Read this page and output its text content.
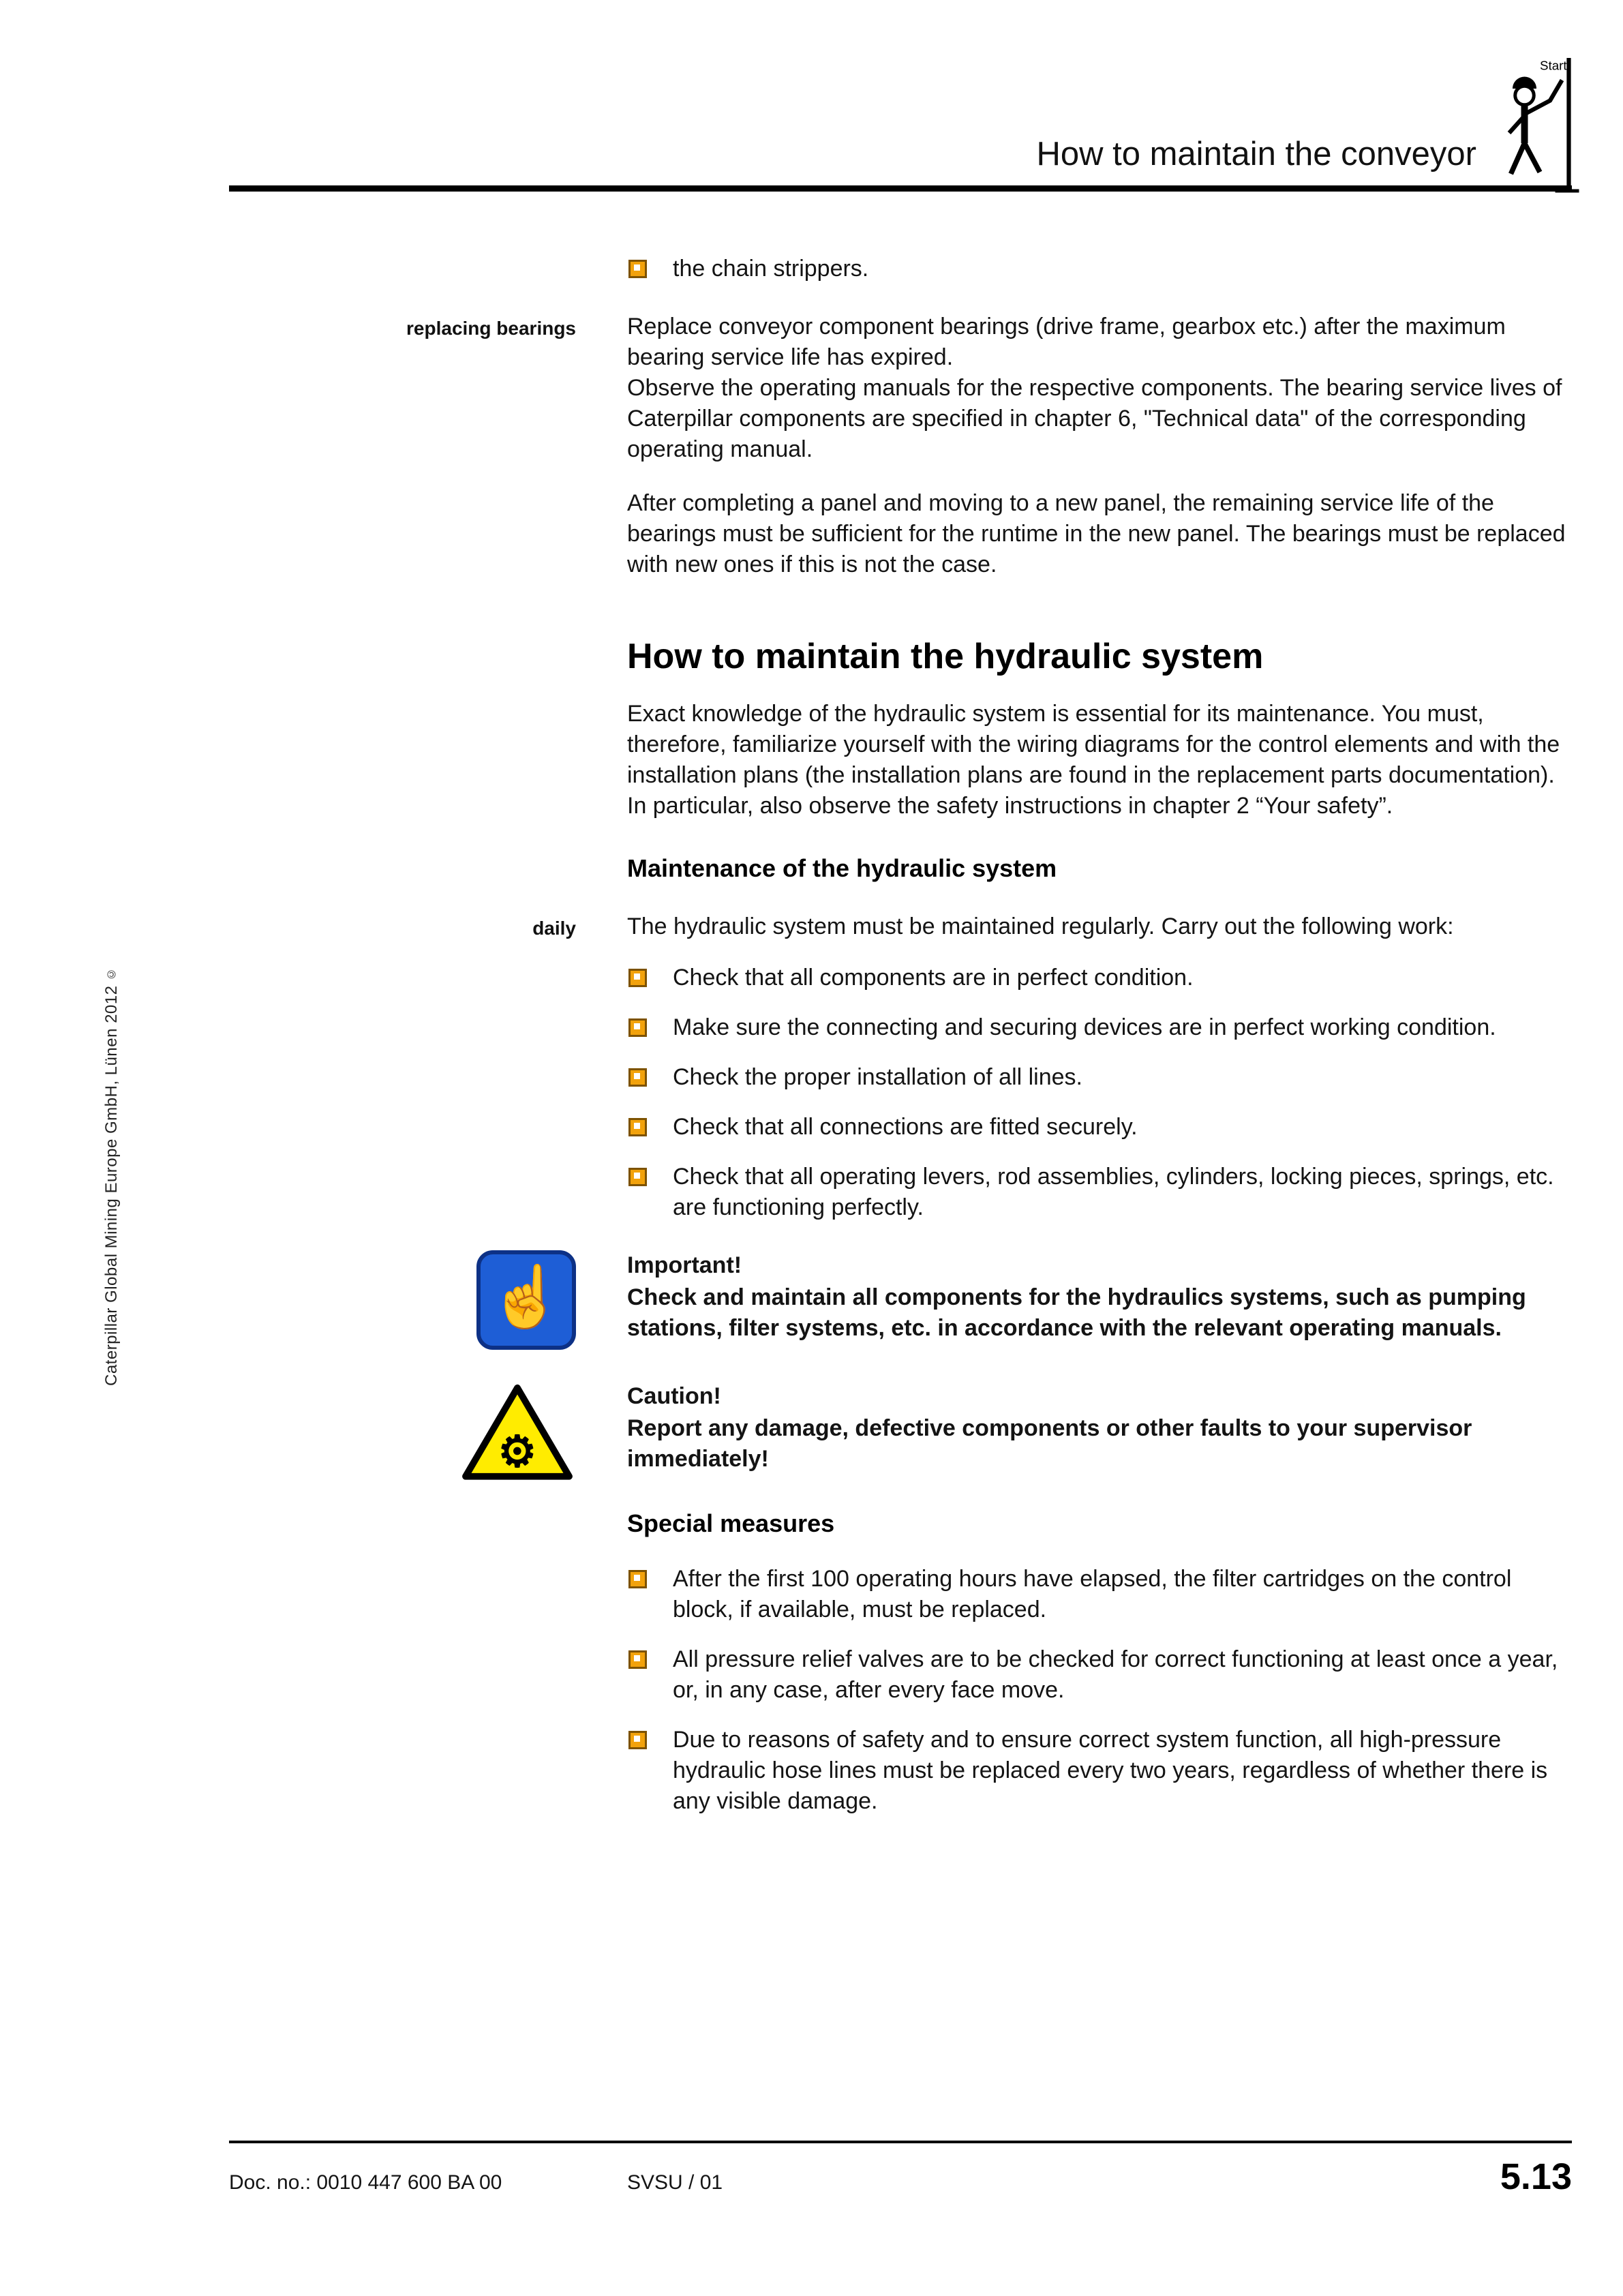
Caterpillar Global Mining Europe GmbH, Lünen 2012 ©
How to maintain the conveyor
Start
the chain strippers.
replacing bearings Replace conveyor component bearings (drive frame, gearbox etc.) after the maximum bearing service life has expired.
Observe the operating manuals for the respective components. The bearing service lives of Caterpillar components are specified in chapter 6, "Technical data" of the corresponding operating manual.
After completing a panel and moving to a new panel, the remaining service life of the bearings must be sufficient for the runtime in the new panel. The bearings must be replaced with new ones if this is not the case.
How to maintain the hydraulic system
Exact knowledge of the hydraulic system is essential for its maintenance. You must, therefore, familiarize yourself with the wiring diagrams for the control elements and with the installation plans (the installation plans are found in the replacement parts documentation).
In particular, also observe the safety instructions in chapter 2 “Your safety”.
Maintenance of the hydraulic system
daily The hydraulic system must be maintained regularly. Carry out the following work:
Check that all components are in perfect condition.
Make sure the connecting and securing devices are in perfect working condition.
Check the proper installation of all lines.
Check that all connections are fitted securely.
Check that all operating levers, rod assemblies, cylinders, locking pieces, springs, etc. are functioning perfectly.
☝	Important!
Check and maintain all components for the hydraulics systems, such as pumping stations, filter systems, etc. in accordance with the relevant operating manuals.
⚙
Caution!
Report any damage, defective components or other faults to your supervisor immediately!
Special measures
After the first 100 operating hours have elapsed, the filter cartridges on the control block, if available, must be replaced.
All pressure relief valves are to be checked for correct functioning at least once a year, or, in any case, after every face move.
Due to reasons of safety and to ensure correct system function, all high-pressure hydraulic hose lines must be replaced every two years, regardless of whether there is any visible damage.
Doc. no.: 0010 447 600 BA 00	SVSU / 01	5.13
